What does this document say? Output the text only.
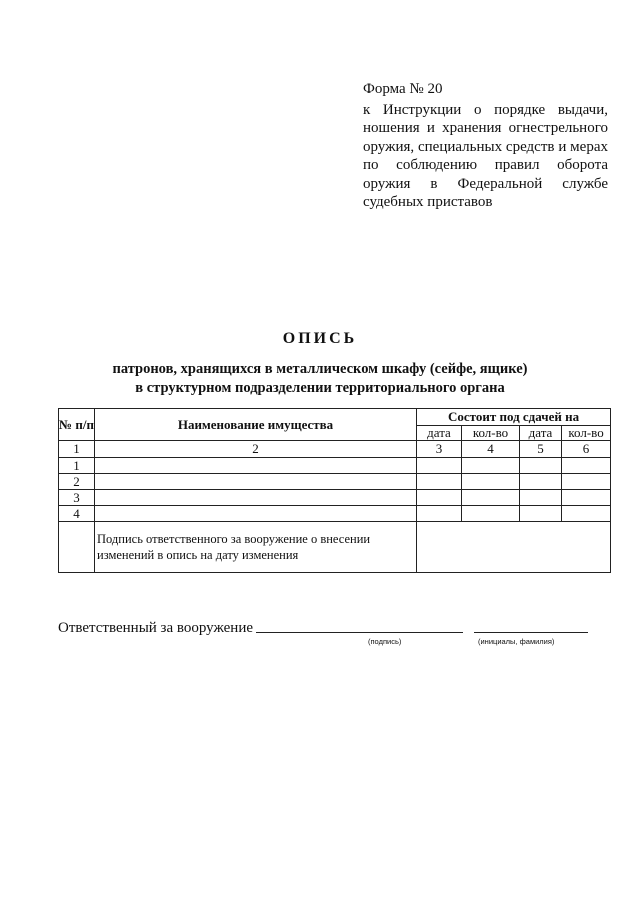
Форма № 20

к Инструкции о порядке выдачи, ношения и хранения огнестрельного оружия, специальных средств и мерах по соблюдению правил оборота оружия в Федеральной службе судебных приставов

ОПИСЬ
патронов, хранящихся в металлическом шкафу (сейфе, ящике)
в структурном подразделении территориального органа
№ п/п	Наименование имущества	Состоит под сдачей на			
		дата	кол-во	дата	кол-во
1	2	3	4	5	6
1					
2					
3					
4					
	Подпись ответственного за вооружение о внесении изменений в опись на дату изменения				
Ответственный за вооружение
(подпись)	(инициалы, фамилия)
